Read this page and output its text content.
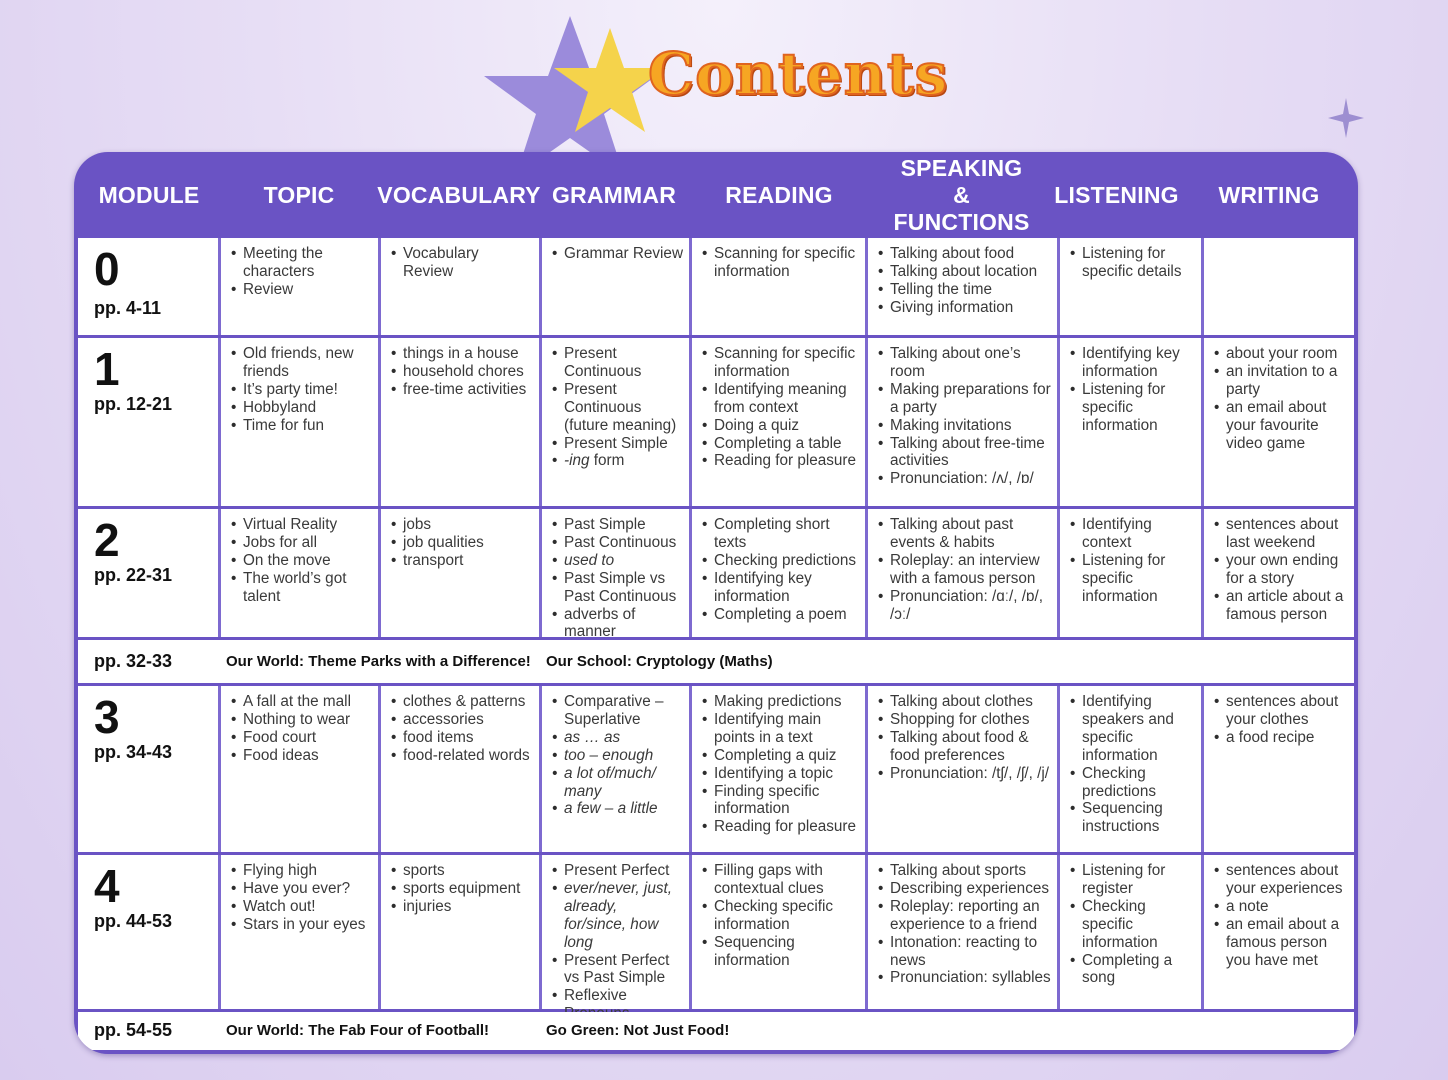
Contents
MODULE	TOPIC	VOCABULARY GRAMMAR	READING
SPEAKING & FUNCTIONS
LISTENING	WRITING
0
pp. 4-11
• Meeting the characters
• Review
• Vocabulary Review
• Grammar Review
•	Scanning for specific information
• Talking about food
• Talking about location
• Telling the time
• Giving information
• Listening for specific details
1
pp. 12-21
• Old friends, new friends
• It’s party time!
• Hobbyland
• Time for fun
• things in a house
• household chores
• free-time activities
• Present Continuous
• Present Continuous (future meaning)
• Present Simple
• -ing form
• Scanning for specific information
• Identifying meaning from context
• Doing a quiz
• Completing a table
• Reading for pleasure
• Talking about one’s room
• Making preparations for a party
• Making invitations
• Talking about free-time activities
• Pronunciation: /ʌ/, /ɒ/
• Identifying key information
• Listening for specific information
• about your room
• an invitation to a party
• an email about your favourite video game
2
pp. 22-31
• Virtual Reality
• Jobs for all
• On the move
• The world’s got talent
• jobs
• job qualities
• transport
• Past Simple
• Past Continuous
• used to
• Past Simple vs Past Continuous
• adverbs of manner
• Completing short texts
• Checking predictions
• Identifying key information
• Completing a poem
• Talking about past events & habits
• Roleplay: an interview with a famous person
• Pronunciation: /ɑː/, /ɒ/, /ɔː/
• Identifying context
• Listening for specific information
• sentences about last weekend
• your own ending for a story
• an article about a famous person
pp. 32-33	Our World: Theme Parks with a Difference! Our School: Cryptology (Maths)
3
pp. 34-43
• A fall at the mall
• Nothing to wear
• Food court
• Food ideas
• clothes & patterns
• accessories
• food items
• food-related words
• Comparative – Superlative
• as … as
• too – enough
• a lot of/much/ many
• a few – a little
• Making predictions
• Identifying main points in a text
• Completing a quiz
• Identifying a topic
• Finding specific information
• Reading for pleasure
• Talking about clothes
• Shopping for clothes
• Talking about food & food preferences
• Pronunciation: /tʃ/, /ʃ/, /j/
• Identifying speakers and specific information
• Checking predictions
• Sequencing instructions
• sentences about your clothes
• a food recipe
4
pp. 44-53
• Flying high
• Have you ever?
• Watch out!
• Stars in your eyes
• sports
• sports equipment
• injuries
• Present Perfect
• ever/never, just, already, for/since, how long
• Present Perfect vs Past Simple
• Reflexive
• Filling gaps with contextual clues
• Checking specific information
• Sequencing information
• Talking about sports
• Describing experiences
• Roleplay: reporting an experience to a friend
• Intonation: reacting to news
• Pronunciation: syllables
• Listening for register
• Checking specific information
• Completing a song
• sentences about your experiences
• a note
• an email about a famous person you have met
pp. 54-55	Our World: The Fab Four of Football!	Go Green: Not Just Food!
